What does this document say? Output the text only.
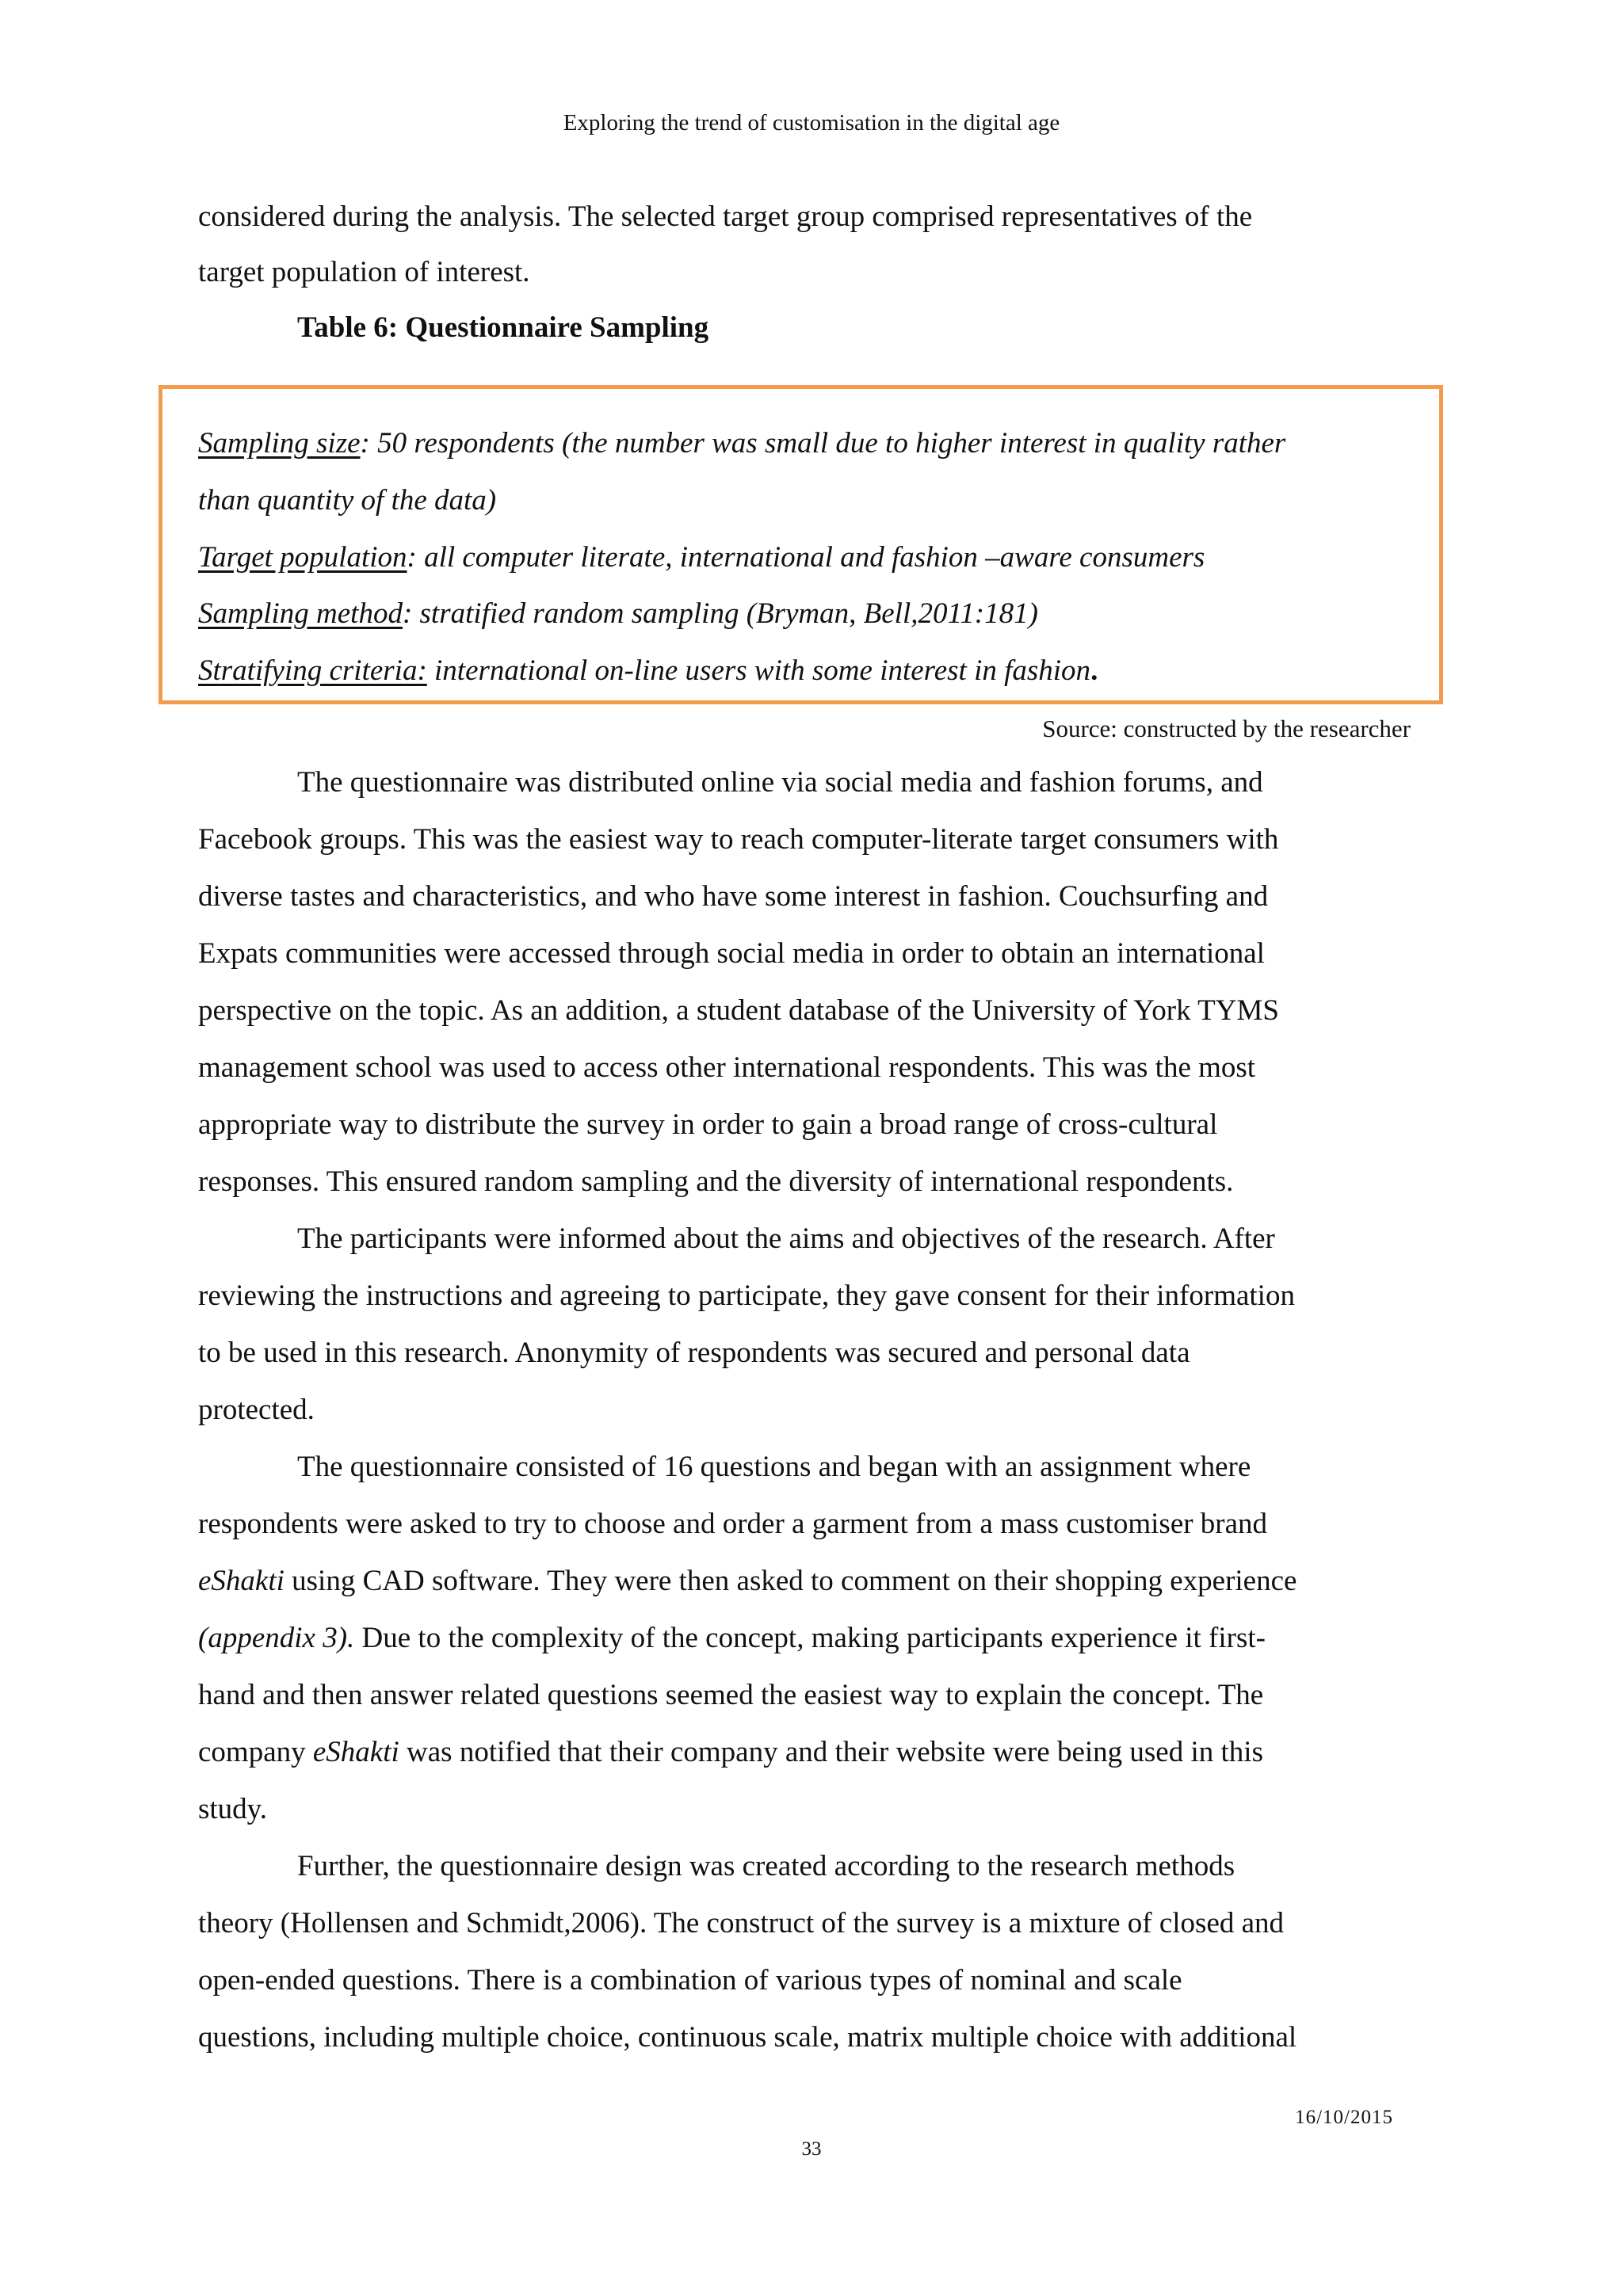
Exploring the trend of customisation in the digital age
considered during the analysis. The selected target group comprised representatives of the
target population of interest.
Table 6: Questionnaire Sampling
Sampling size: 50 respondents (the number was small due to higher interest in quality rather
than quantity of the data)
Target population: all computer literate, international and fashion –aware consumers
Sampling method: stratified random sampling (Bryman, Bell,2011:181)
Stratifying criteria: international on-line users with some interest in fashion.
Source: constructed by the researcher
The questionnaire was distributed online via social media and fashion forums, and
Facebook groups. This was the easiest way to reach computer-literate target consumers with
diverse tastes and characteristics, and who have some interest in fashion. Couchsurfing and
Expats communities were accessed through social media in order to obtain an international
perspective on the topic. As an addition, a student database of the University of York TYMS
management school was used to access other international respondents. This was the most
appropriate way to distribute the survey in order to gain a broad range of cross-cultural
responses. This ensured random sampling and the diversity of international respondents.
The participants were informed about the aims and objectives of the research. After
reviewing the instructions and agreeing to participate, they gave consent for their information
to be used in this research. Anonymity of respondents was secured and personal data
protected.
The questionnaire consisted of 16 questions and began with an assignment where
respondents were asked to try to choose and order a garment from a mass customiser brand
eShakti using CAD software. They were then asked to comment on their shopping experience
(appendix 3). Due to the complexity of the concept, making participants experience it first-
hand and then answer related questions seemed the easiest way to explain the concept. The
company eShakti was notified that their company and their website were being used in this
study.
Further, the questionnaire design was created according to the research methods
theory (Hollensen and Schmidt,2006). The construct of the survey is a mixture of closed and
open-ended questions. There is a combination of various types of nominal and scale
questions, including multiple choice, continuous scale, matrix multiple choice with additional
16/10/2015
33
